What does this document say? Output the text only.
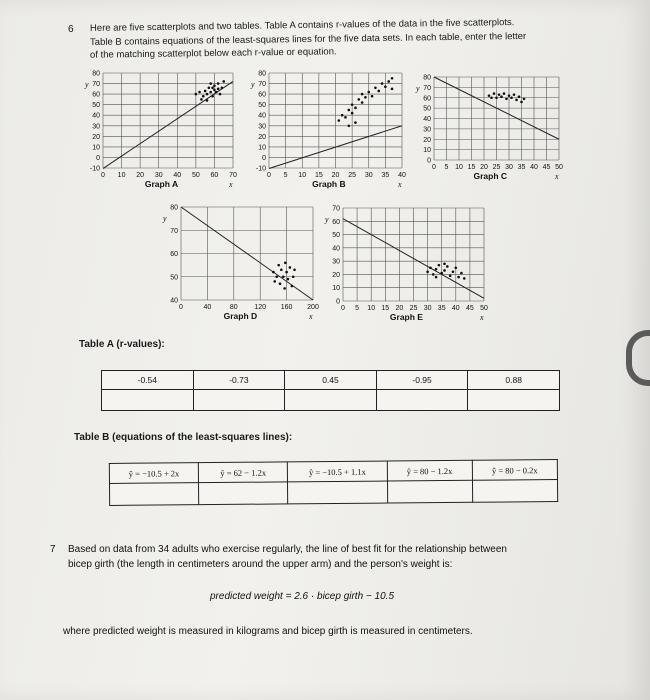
6 Here are five scatterplots and two tables. Table A contains r-values of the data in the five scatterplots.
Table B contains equations of the least-squares lines for the five data sets. In each table, enter the letter
of the matching scatterplot below each r-value or equation.
0 10 20 30 40 50 60 70
80
70
60
50
40
30
20
10
0
-10
y
x
Graph A
0 5 10 15 20 25 30 35 40
80
70
60
50
40
30
20
10
0
-10
y
x
Graph B
0 5 10 15 20 25 30 35 40 45 50
80
70
60
50
40
30
20
10
0
y
x
Graph C
0	40	80 120 160 200
80
70
60
50
40
y
x
Graph D
0 5 10 15 20 25 30 35 40 45 50
70
60
50
40
30
20
10
0
y
x
Graph E
Table A (r-values):
-0.54	-0.73	0.45	-0.95	0.88

Table B (equations of the least-squares lines):
ŷ = −10.5 + 2x	ŷ = 62 − 1.2x	ŷ = −10.5 + 1.1x	ŷ = 80 − 1.2x	ŷ = 80 − 0.2x

7 Based on data from 34 adults who exercise regularly, the line of best fit for the relationship between
bicep girth (the length in centimeters around the upper arm) and the person's weight is:
predicted weight = 2.6 · bicep girth − 10.5
where predicted weight is measured in kilograms and bicep girth is measured in centimeters.
